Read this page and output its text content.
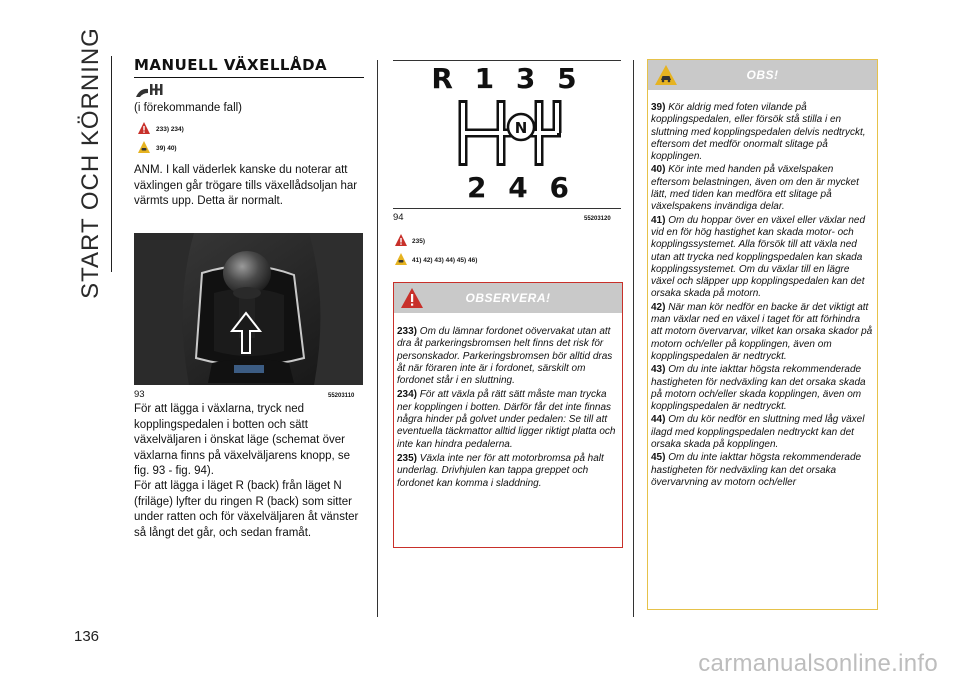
START OCH KÖRNING
136
MANUELL VÄXELLÅDA
(i förekommande fall)
233) 234)
39) 40)
ANM. I kall väderlek kanske du noterar att växlingen går trögare tills växellådsoljan har värmts upp. Detta är normalt.
93	55203110

För att lägga i växlarna, tryck ned kopplingspedalen i botten och sätt växelväljaren i önskat läge (schemat över växlarna finns på växelväljarens knopp, se fig. 93 - fig. 94).

För att lägga i läget R (back) från läget N (friläge) lyfter du ringen R (back) som sitter under ratten och för växelväljaren åt vänster så långt det går, och sedan framåt.

R 1 3 5
N
2 4 6
94	55203120
235)
41) 42) 43) 44) 45) 46)
OBSERVERA!
233) Om du lämnar fordonet oövervakat utan att dra åt parkeringsbromsen helt finns det risk för personskador. Parkeringsbromsen bör alltid dras åt när föraren inte är i fordonet, särskilt om fordonet står i en sluttning.
234) För att växla på rätt sätt måste man trycka ner kopplingen i botten. Därför får det inte finnas några hinder på golvet under pedalen: Se till att eventuella täckmattor alltid ligger riktigt platta och inte kan hindra pedalerna.
235) Växla inte ner för att motorbromsa på halt underlag. Drivhjulen kan tappa greppet och fordonet kan komma i sladdning.
OBS!
39) Kör aldrig med foten vilande på kopplingspedalen, eller försök stå stilla i en sluttning med kopplingspedalen delvis nedtryckt, eftersom det medför onormalt slitage på kopplingen.
40) Kör inte med handen på växelspaken eftersom belastningen, även om den är mycket lätt, med tiden kan medföra ett slitage på växelspakens invändiga delar.
41) Om du hoppar över en växel eller växlar ned vid en för hög hastighet kan skada motor- och kopplingssystemet. Alla försök till att växla ned utan att trycka ned kopplingspedalen kan skada kopplingssystemet. Om du växlar till en lägre växel och släpper upp kopplingspedalen kan det orsaka skada på motorn.
42) När man kör nedför en backe är det viktigt att man växlar ned en växel i taget för att förhindra att motorn övervarvar, vilket kan orsaka skador på motorn och/eller på kopplingen, även om kopplingspedalen är nedtryckt.
43) Om du inte iakttar högsta rekommenderade hastigheten för nedväxling kan det orsaka skada på motorn och/eller skada kopplingen, även om kopplingspedalen är nedtryckt.
44) Om du kör nedför en sluttning med låg växel ilagd med kopplingspedalen nedtryckt kan det orsaka skada på kopplingen.
45) Om du inte iakttar högsta rekommenderade hastigheten för nedväxling kan det orsaka övervarvning av motorn och/eller
carmanualsonline.info
